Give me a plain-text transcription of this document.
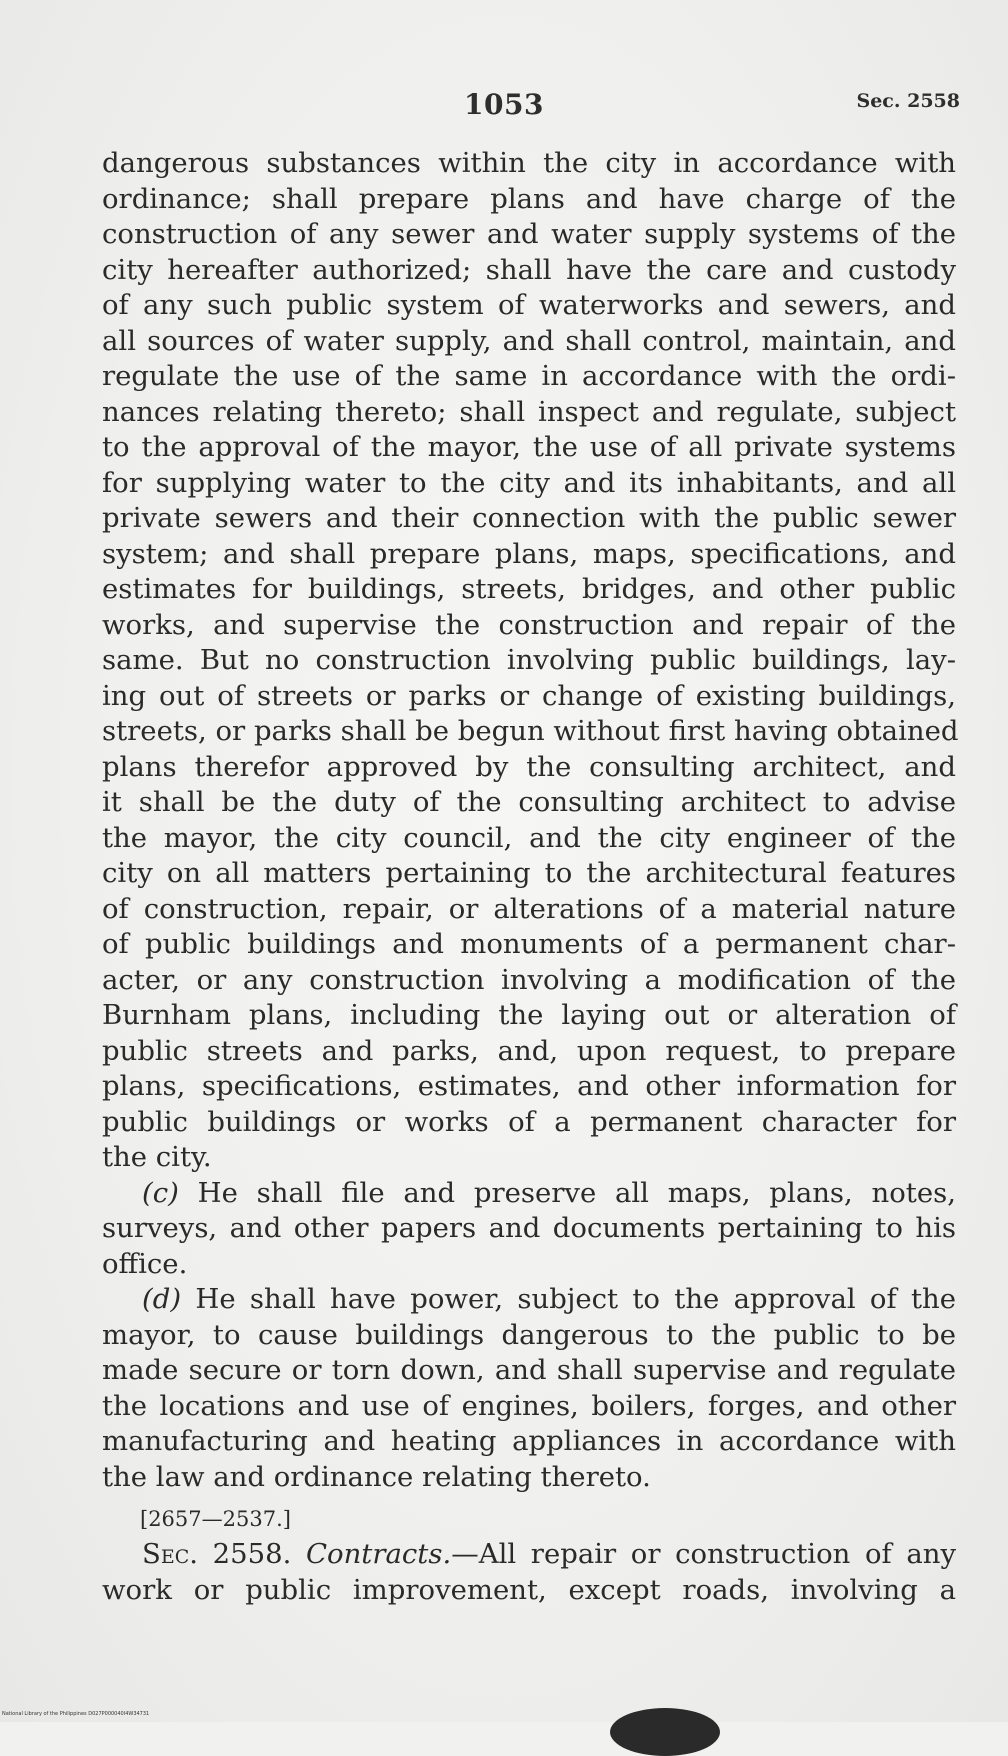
1053	Sec. 2558
dangerous substances within the city in accordance with
ordinance; shall prepare plans and have charge of the
construction of any sewer and water supply systems of the
city hereafter authorized; shall have the care and custody
of any such public system of waterworks and sewers, and
all sources of water supply, and shall control, maintain, and
regulate the use of the same in accordance with the ordi-
nances relating thereto; shall inspect and regulate, subject
to the approval of the mayor, the use of all private systems
for supplying water to the city and its inhabitants, and all
private sewers and their connection with the public sewer
system; and shall prepare plans, maps, specifications, and
estimates for buildings, streets, bridges, and other public
works, and supervise the construction and repair of the
same. But no construction involving public buildings, lay-
ing out of streets or parks or change of existing buildings,
streets, or parks shall be begun without first having obtained
plans therefor approved by the consulting architect, and
it shall be the duty of the consulting architect to advise
the mayor, the city council, and the city engineer of the
city on all matters pertaining to the architectural features
of construction, repair, or alterations of a material nature
of public buildings and monuments of a permanent char-
acter, or any construction involving a modification of the
Burnham plans, including the laying out or alteration of
public streets and parks, and, upon request, to prepare
plans, specifications, estimates, and other information for
public buildings or works of a permanent character for
the city.
(c) He shall file and preserve all maps, plans, notes,
surveys, and other papers and documents pertaining to his
office.
(d) He shall have power, subject to the approval of the
mayor, to cause buildings dangerous to the public to be
made secure or torn down, and shall supervise and regulate
the locations and use of engines, boilers, forges, and other
manufacturing and heating appliances in accordance with
the law and ordinance relating thereto.
[2657—2537.]
Sec. 2558. Contracts.—All repair or construction of any
work or public improvement, except roads, involving a
National Library of the Philippines D027P000040I4W34731
